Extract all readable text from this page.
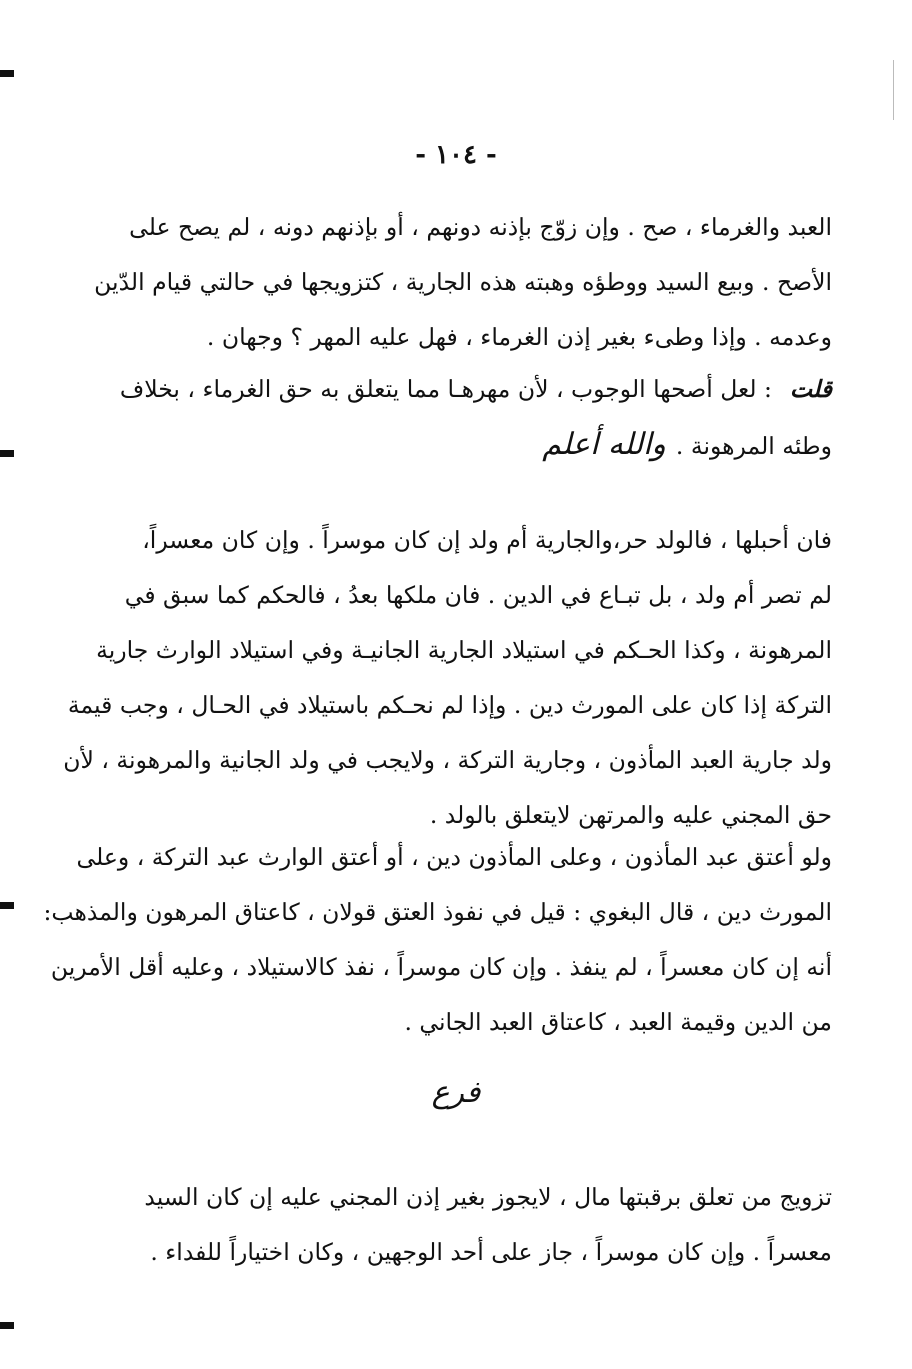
- ١٠٤ -
العبد والغرماء ، صح . وإن زوّج بإذنه دونهم ، أو بإذنهم دونه ، لم يصح على
الأصح . وبيع السيد ووطؤه وهبته هذه الجارية ، كتزويجها في حالتي قيام الدّين
وعدمه . وإذا وطىء بغير إذن الغرماء ، فهل عليه المهر ؟ وجهان .
قلت: لعل أصحها الوجوب ، لأن مهرهـا مما يتعلق به حق الغرماء ، بخلاف
وطئه المرهونة .والله أعلم
فان أحبلها ، فالولد حر،والجارية أم ولد إن كان موسراً . وإن كان معسراً،
لم تصر أم ولد ، بل تبـاع في الدين . فان ملكها بعدُ ، فالحكم كما سبق في
المرهونة ، وكذا الحـكم في استيلاد الجارية الجانيـة وفي استيلاد الوارث جارية
التركة إذا كان على المورث دين . وإذا لم نحـكم باستيلاد في الحـال ، وجب قيمة
ولد جارية العبد المأذون ، وجارية التركة ، ولايجب في ولد الجانية والمرهونة ، لأن
حق المجني عليه والمرتهن لايتعلق بالولد .
ولو أعتق عبد المأذون ، وعلى المأذون دين ، أو أعتق الوارث عبد التركة ، وعلى
المورث دين ، قال البغوي : قيل في نفوذ العتق قولان ، كاعتاق المرهون والمذهب:
أنه إن كان معسراً ، لم ينفذ . وإن كان موسراً ، نفذ كالاستيلاد ، وعليه أقل الأمرين
من الدين وقيمة العبد ، كاعتاق العبد الجاني .
فرع
تزويج من تعلق برقبتها مال ، لايجوز بغير إذن المجني عليه إن كان السيد
معسراً . وإن كان موسراً ، جاز على أحد الوجهين ، وكان اختياراً للفداء .
